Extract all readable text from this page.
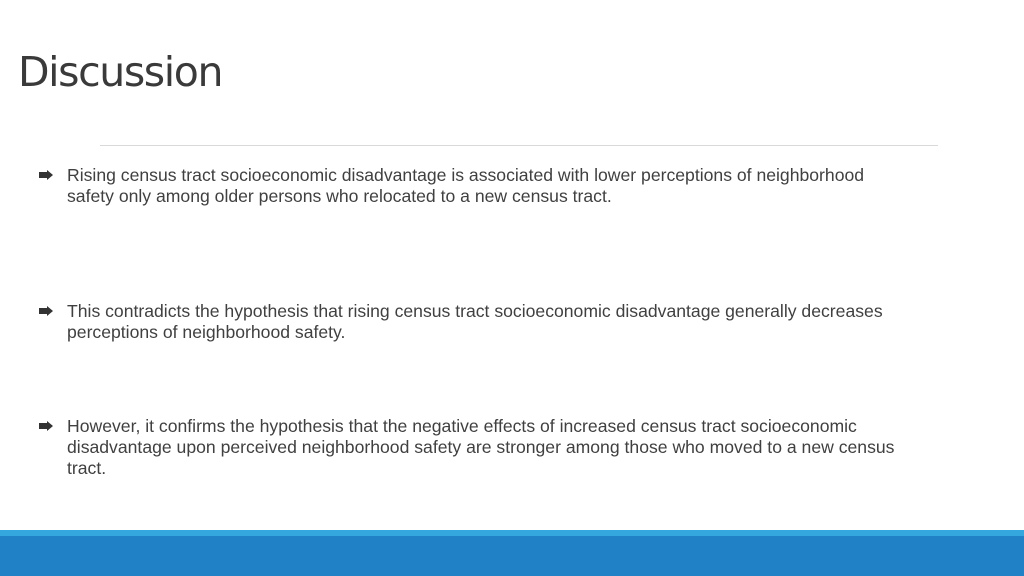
Discussion
Rising census tract socioeconomic disadvantage is associated with lower perceptions of neighborhood safety only among older persons who relocated to a new census tract.
This contradicts the hypothesis that rising census tract socioeconomic disadvantage generally decreases perceptions of neighborhood safety.
However, it confirms the hypothesis that the negative effects of increased census tract socioeconomic disadvantage upon perceived neighborhood safety are stronger among those who moved to a new census tract.
